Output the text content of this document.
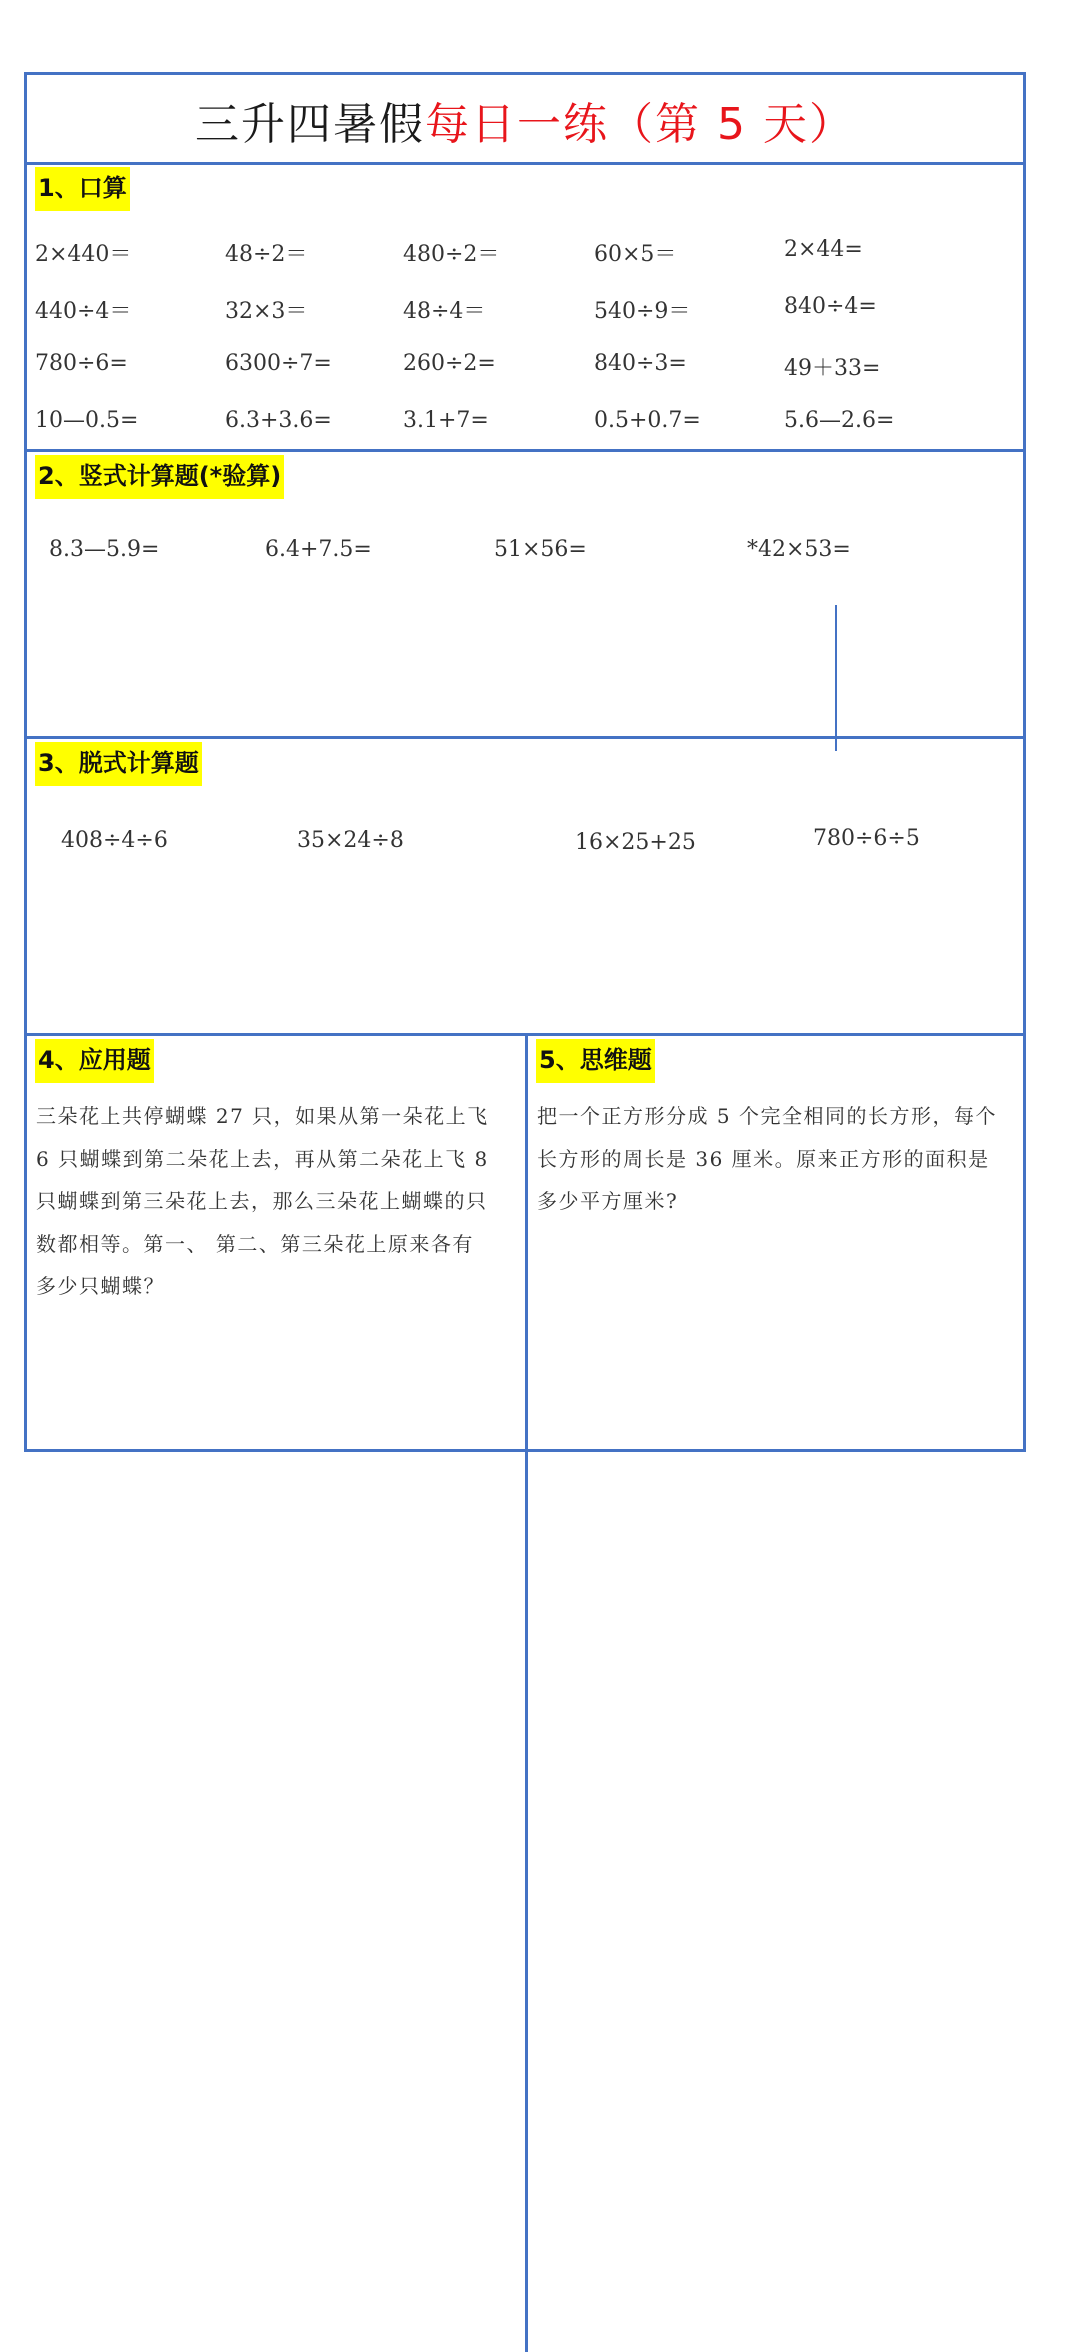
三升四暑假 每日一练（第 5 天）
1、口算
2×440＝	48÷2＝	480÷2＝	60×5＝	2×44=
440÷4＝	32×3＝	48÷4＝	540÷9＝	840÷4=
780÷6=	6300÷7=	260÷2=	840÷3=	49＋33=
10—0.5=	6.3+3.6=	3.1+7=	0.5+0.7=	5.6—2.6=
2、竖式计算题(*验算)
8.3—5.9=	6.4+7.5=	51×56=	*42×53=
3、脱式计算题
408÷4÷6	35×24÷8	16×25+25	780÷6÷5
4、应用题
三朵花上共停蝴蝶 27 只，如果从第一朵花上飞
6 只蝴蝶到第二朵花上去，再从第二朵花上飞 8
只蝴蝶到第三朵花上去，那么三朵花上蝴蝶的只
数都相等。第一、 第二、第三朵花上原来各有
多少只蝴蝶？
5、思维题
把一个正方形分成 5 个完全相同的长方形，每个
长方形的周长是 36 厘米。原来正方形的面积是
多少平方厘米?
